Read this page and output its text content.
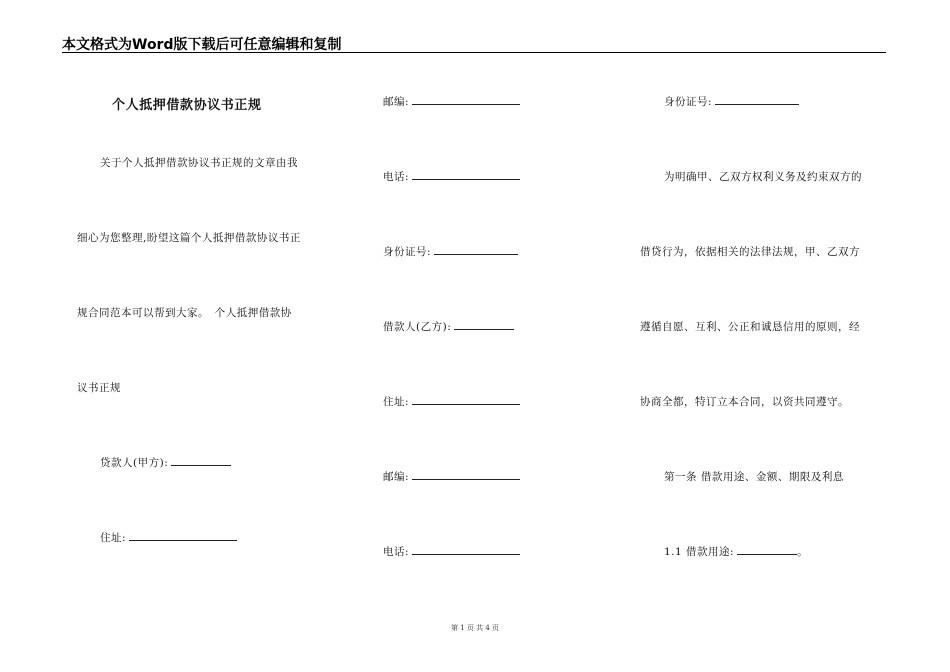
本文格式为Word版下载后可任意编辑和复制
个人抵押借款协议书正规
关于个人抵押借款协议书正规的文章由我
细心为您整理,盼望这篇个人抵押借款协议书正
规合同范本可以帮到大家。　个人抵押借款协
议书正规
贷款人(甲方):
住址:
邮编:
电话:
身份证号:
借款人(乙方):
住址:
邮编:
电话:
身份证号:
为明确甲、乙双方权利义务及约束双方的
借贷行为，依据相关的法律法规，甲、乙双方
遵循自愿、互利、公正和诚恳信用的原则，经
协商全都，特订立本合同，以资共同遵守。
第一条 借款用途、金额、期限及利息
1.1 借款用途:	。
第 1 页 共 4 页
